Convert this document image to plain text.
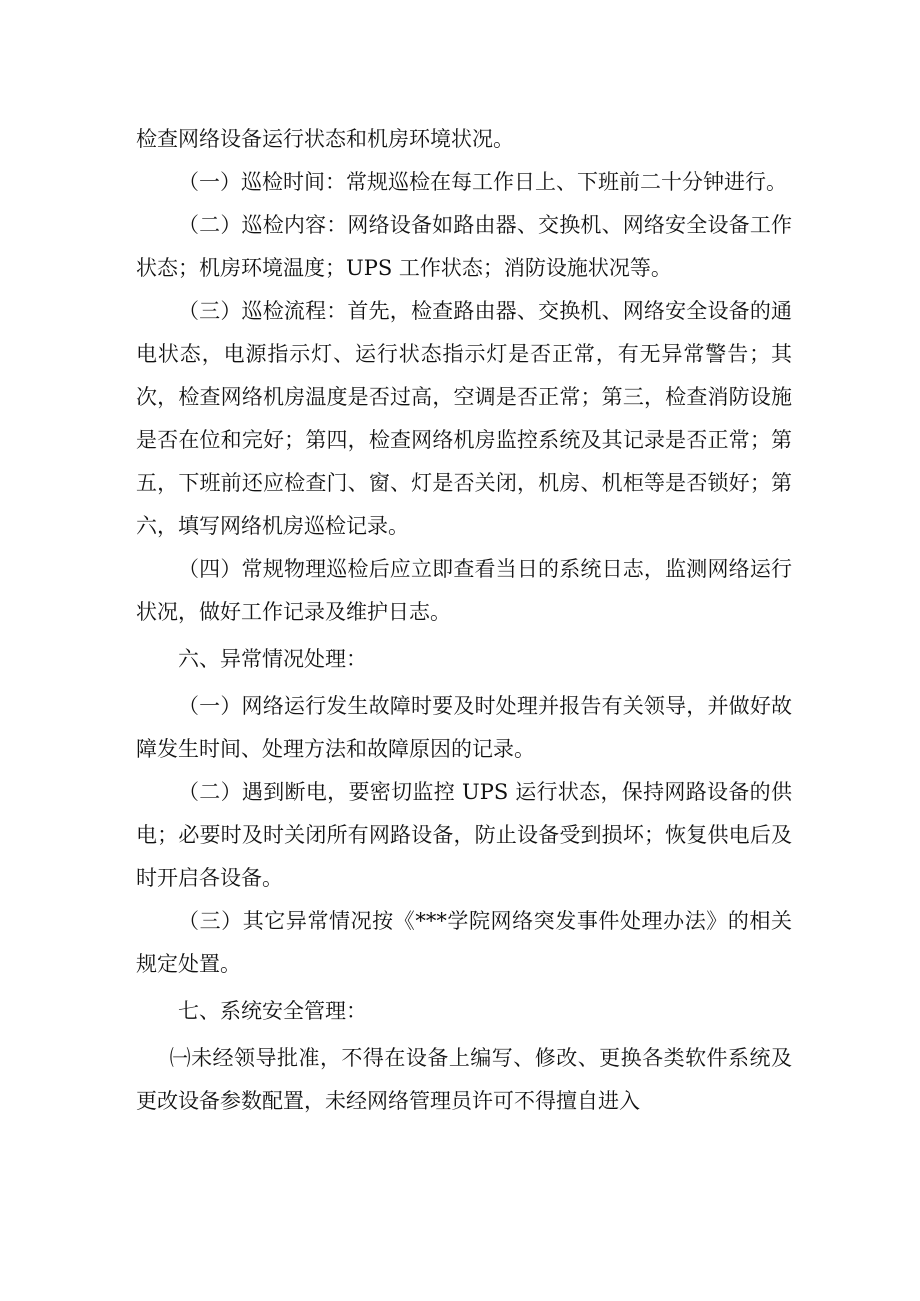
检查网络设备运行状态和机房环境状况。

（一）巡检时间：常规巡检在每工作日上、下班前二十分钟进行。

（二）巡检内容：网络设备如路由器、交换机、网络安全设备工作状态；机房环境温度；UPS 工作状态；消防设施状况等。

（三）巡检流程：首先，检查路由器、交换机、网络安全设备的通电状态，电源指示灯、运行状态指示灯是否正常，有无异常警告；其次，检查网络机房温度是否过高，空调是否正常；第三，检查消防设施是否在位和完好；第四，检查网络机房监控系统及其记录是否正常；第五，下班前还应检查门、窗、灯是否关闭，机房、机柜等是否锁好；第六，填写网络机房巡检记录。

（四）常规物理巡检后应立即查看当日的系统日志，监测网络运行状况，做好工作记录及维护日志。

六、异常情况处理：

（一）网络运行发生故障时要及时处理并报告有关领导，并做好故障发生时间、处理方法和故障原因的记录。

（二）遇到断电，要密切监控 UPS 运行状态，保持网路设备的供电；必要时及时关闭所有网路设备，防止设备受到损坏；恢复供电后及时开启各设备。

（三）其它异常情况按《***学院网络突发事件处理办法》的相关规定处置。

七、系统安全管理：

㈠未经领导批准，不得在设备上编写、修改、更换各类软件系统及更改设备参数配置，未经网络管理员许可不得擅自进入
